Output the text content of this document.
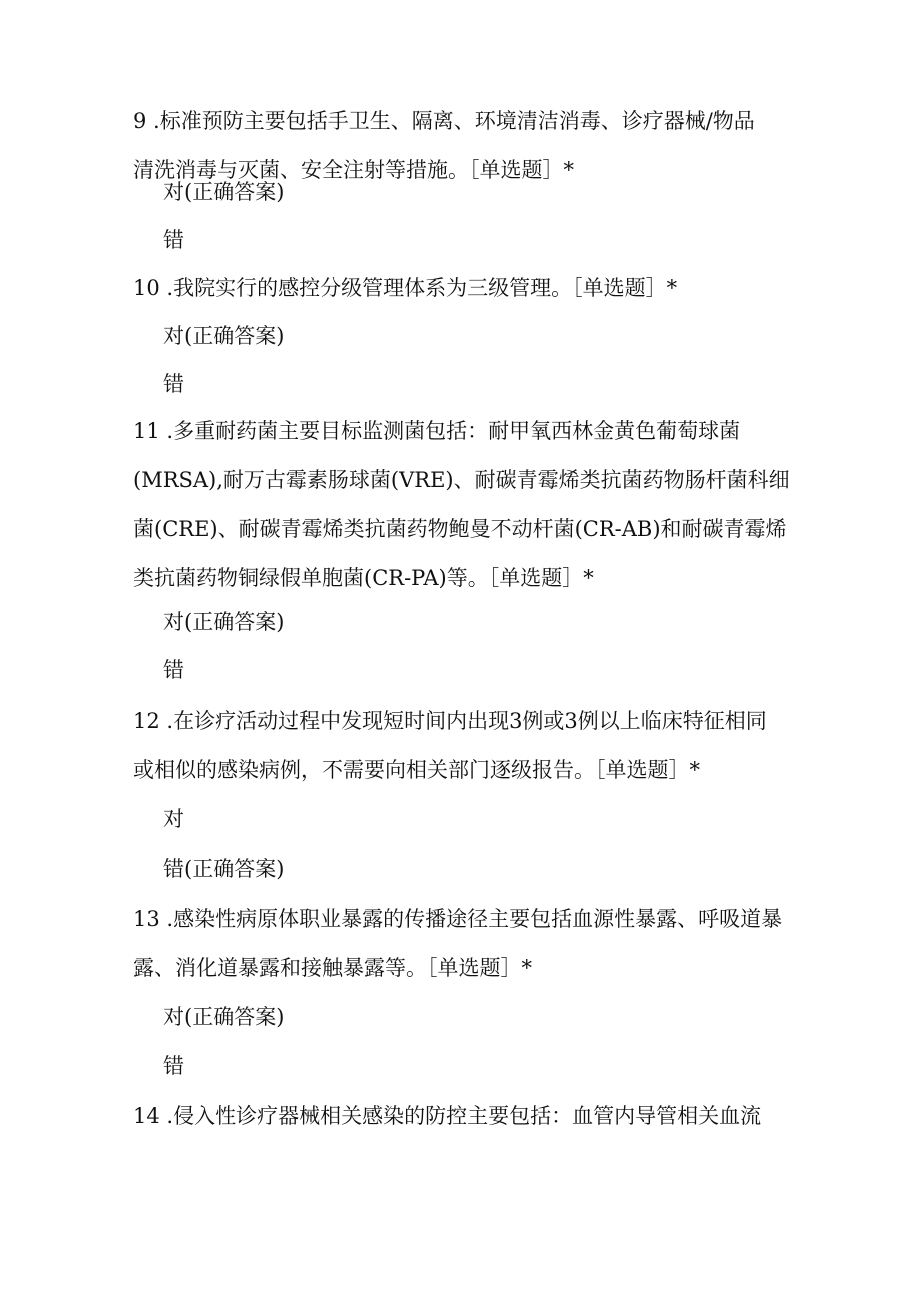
9 .标准预防主要包括手卫生、隔离、环境清洁消毒、诊疗器械/物品
清洗消毒与灭菌、安全注射等措施。［单选题］*
对(正确答案)
错
10 .我院实行的感控分级管理体系为三级管理。［单选题］*
对(正确答案)
错
11 .多重耐药菌主要目标监测菌包括：耐甲氧西林金黄色葡萄球菌
(MRSA),耐万古霉素肠球菌(VRE)、耐碳青霉烯类抗菌药物肠杆菌科细
菌(CRE)、耐碳青霉烯类抗菌药物鲍曼不动杆菌(CR-AB)和耐碳青霉烯
类抗菌药物铜绿假单胞菌(CR-PA)等。［单选题］*
对(正确答案)
错
12 .在诊疗活动过程中发现短时间内出现3例或3例以上临床特征相同
或相似的感染病例，不需要向相关部门逐级报告。［单选题］*
对
错(正确答案)
13 .感染性病原体职业暴露的传播途径主要包括血源性暴露、呼吸道暴
露、消化道暴露和接触暴露等。［单选题］*
对(正确答案)
错
14 .侵入性诊疗器械相关感染的防控主要包括：血管内导管相关血流
